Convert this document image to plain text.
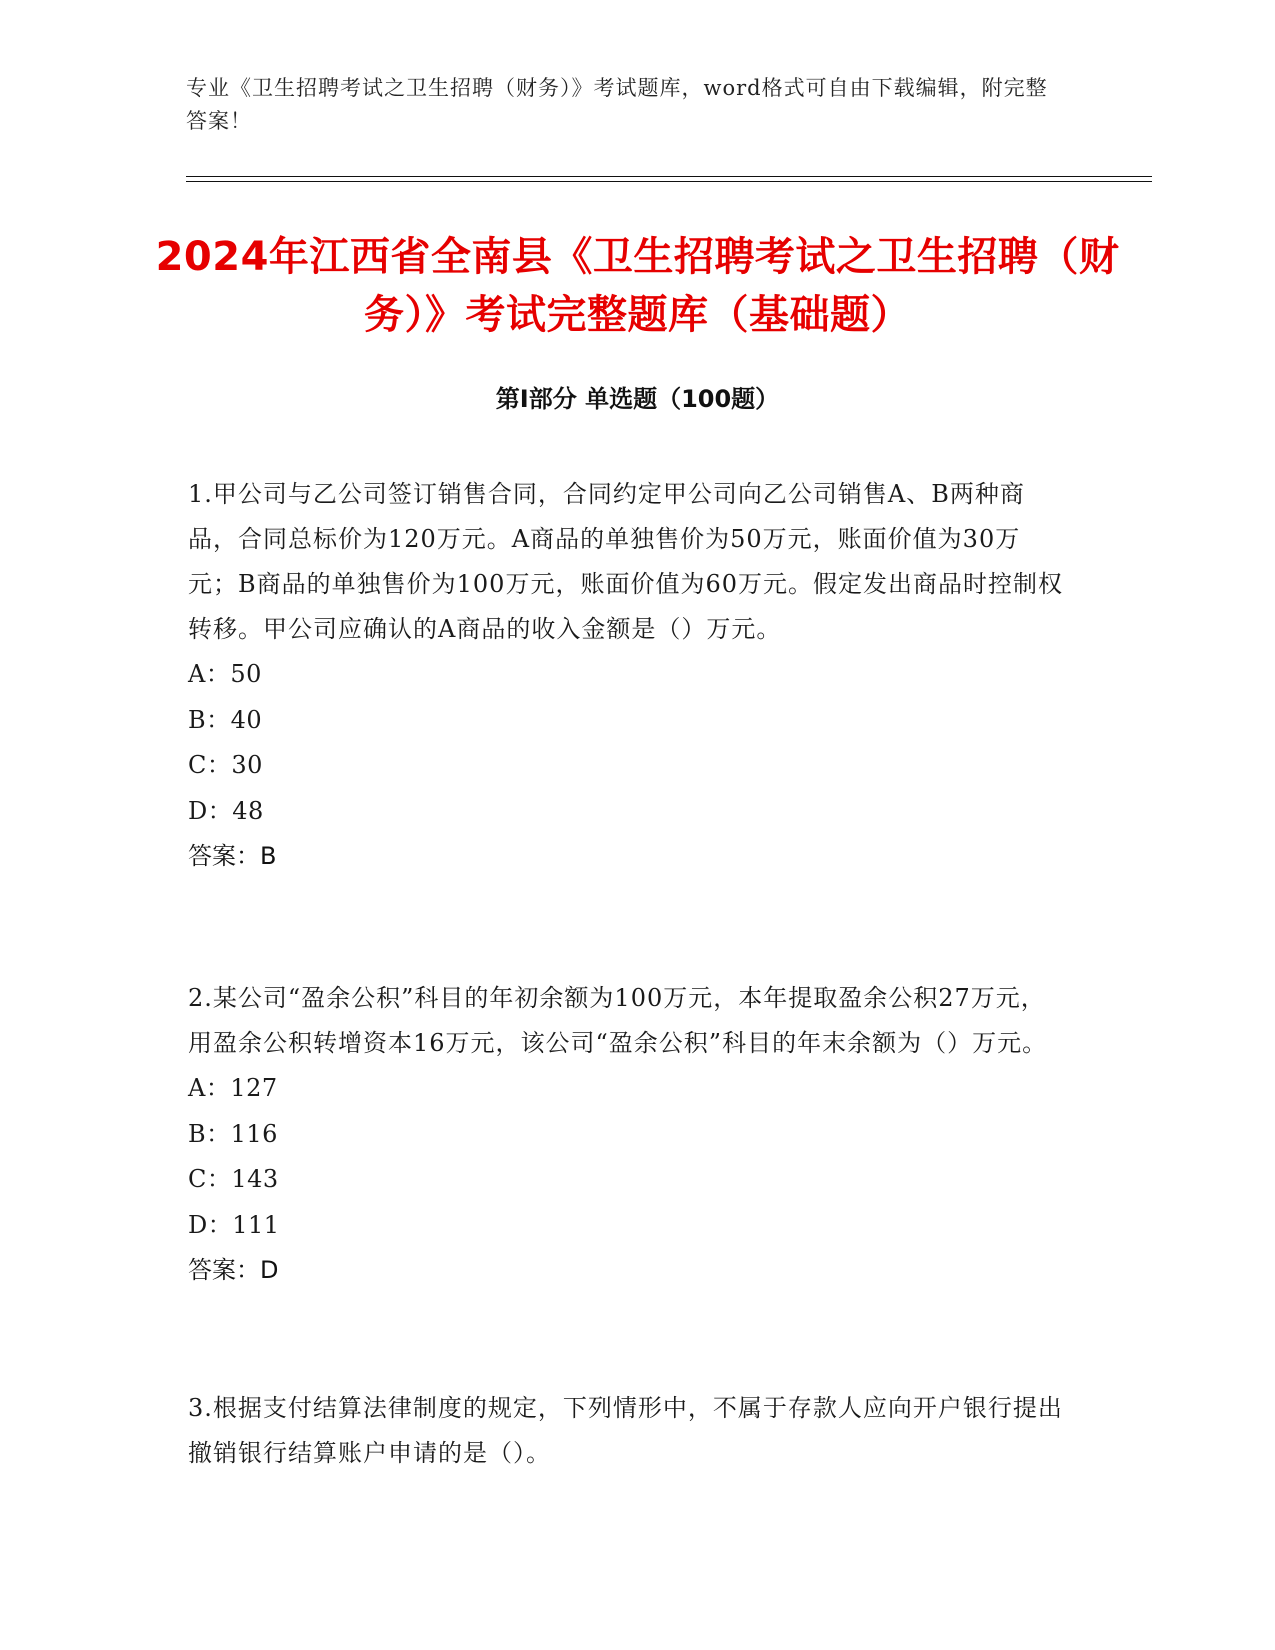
专业《卫生招聘考试之卫生招聘（财务）》考试题库，word格式可自由下载编辑，附完整答案！
2024年江西省全南县《卫生招聘考试之卫生招聘（财务）》考试完整题库（基础题）
第I部分 单选题（100题）

1.甲公司与乙公司签订销售合同，合同约定甲公司向乙公司销售A、B两种商品，合同总标价为120万元。A商品的单独售价为50万元，账面价值为30万元；B商品的单独售价为100万元，账面价值为60万元。假定发出商品时控制权转移。甲公司应确认的A商品的收入金额是（）万元。

A：50

B：40

C：30

D：48

答案：B

2.某公司“盈余公积”科目的年初余额为100万元，本年提取盈余公积27万元，用盈余公积转增资本16万元，该公司“盈余公积”科目的年末余额为（）万元。

A：127

B：116

C：143

D：111

答案：D

3.根据支付结算法律制度的规定，下列情形中，不属于存款人应向开户银行提出撤销银行结算账户申请的是（）。
